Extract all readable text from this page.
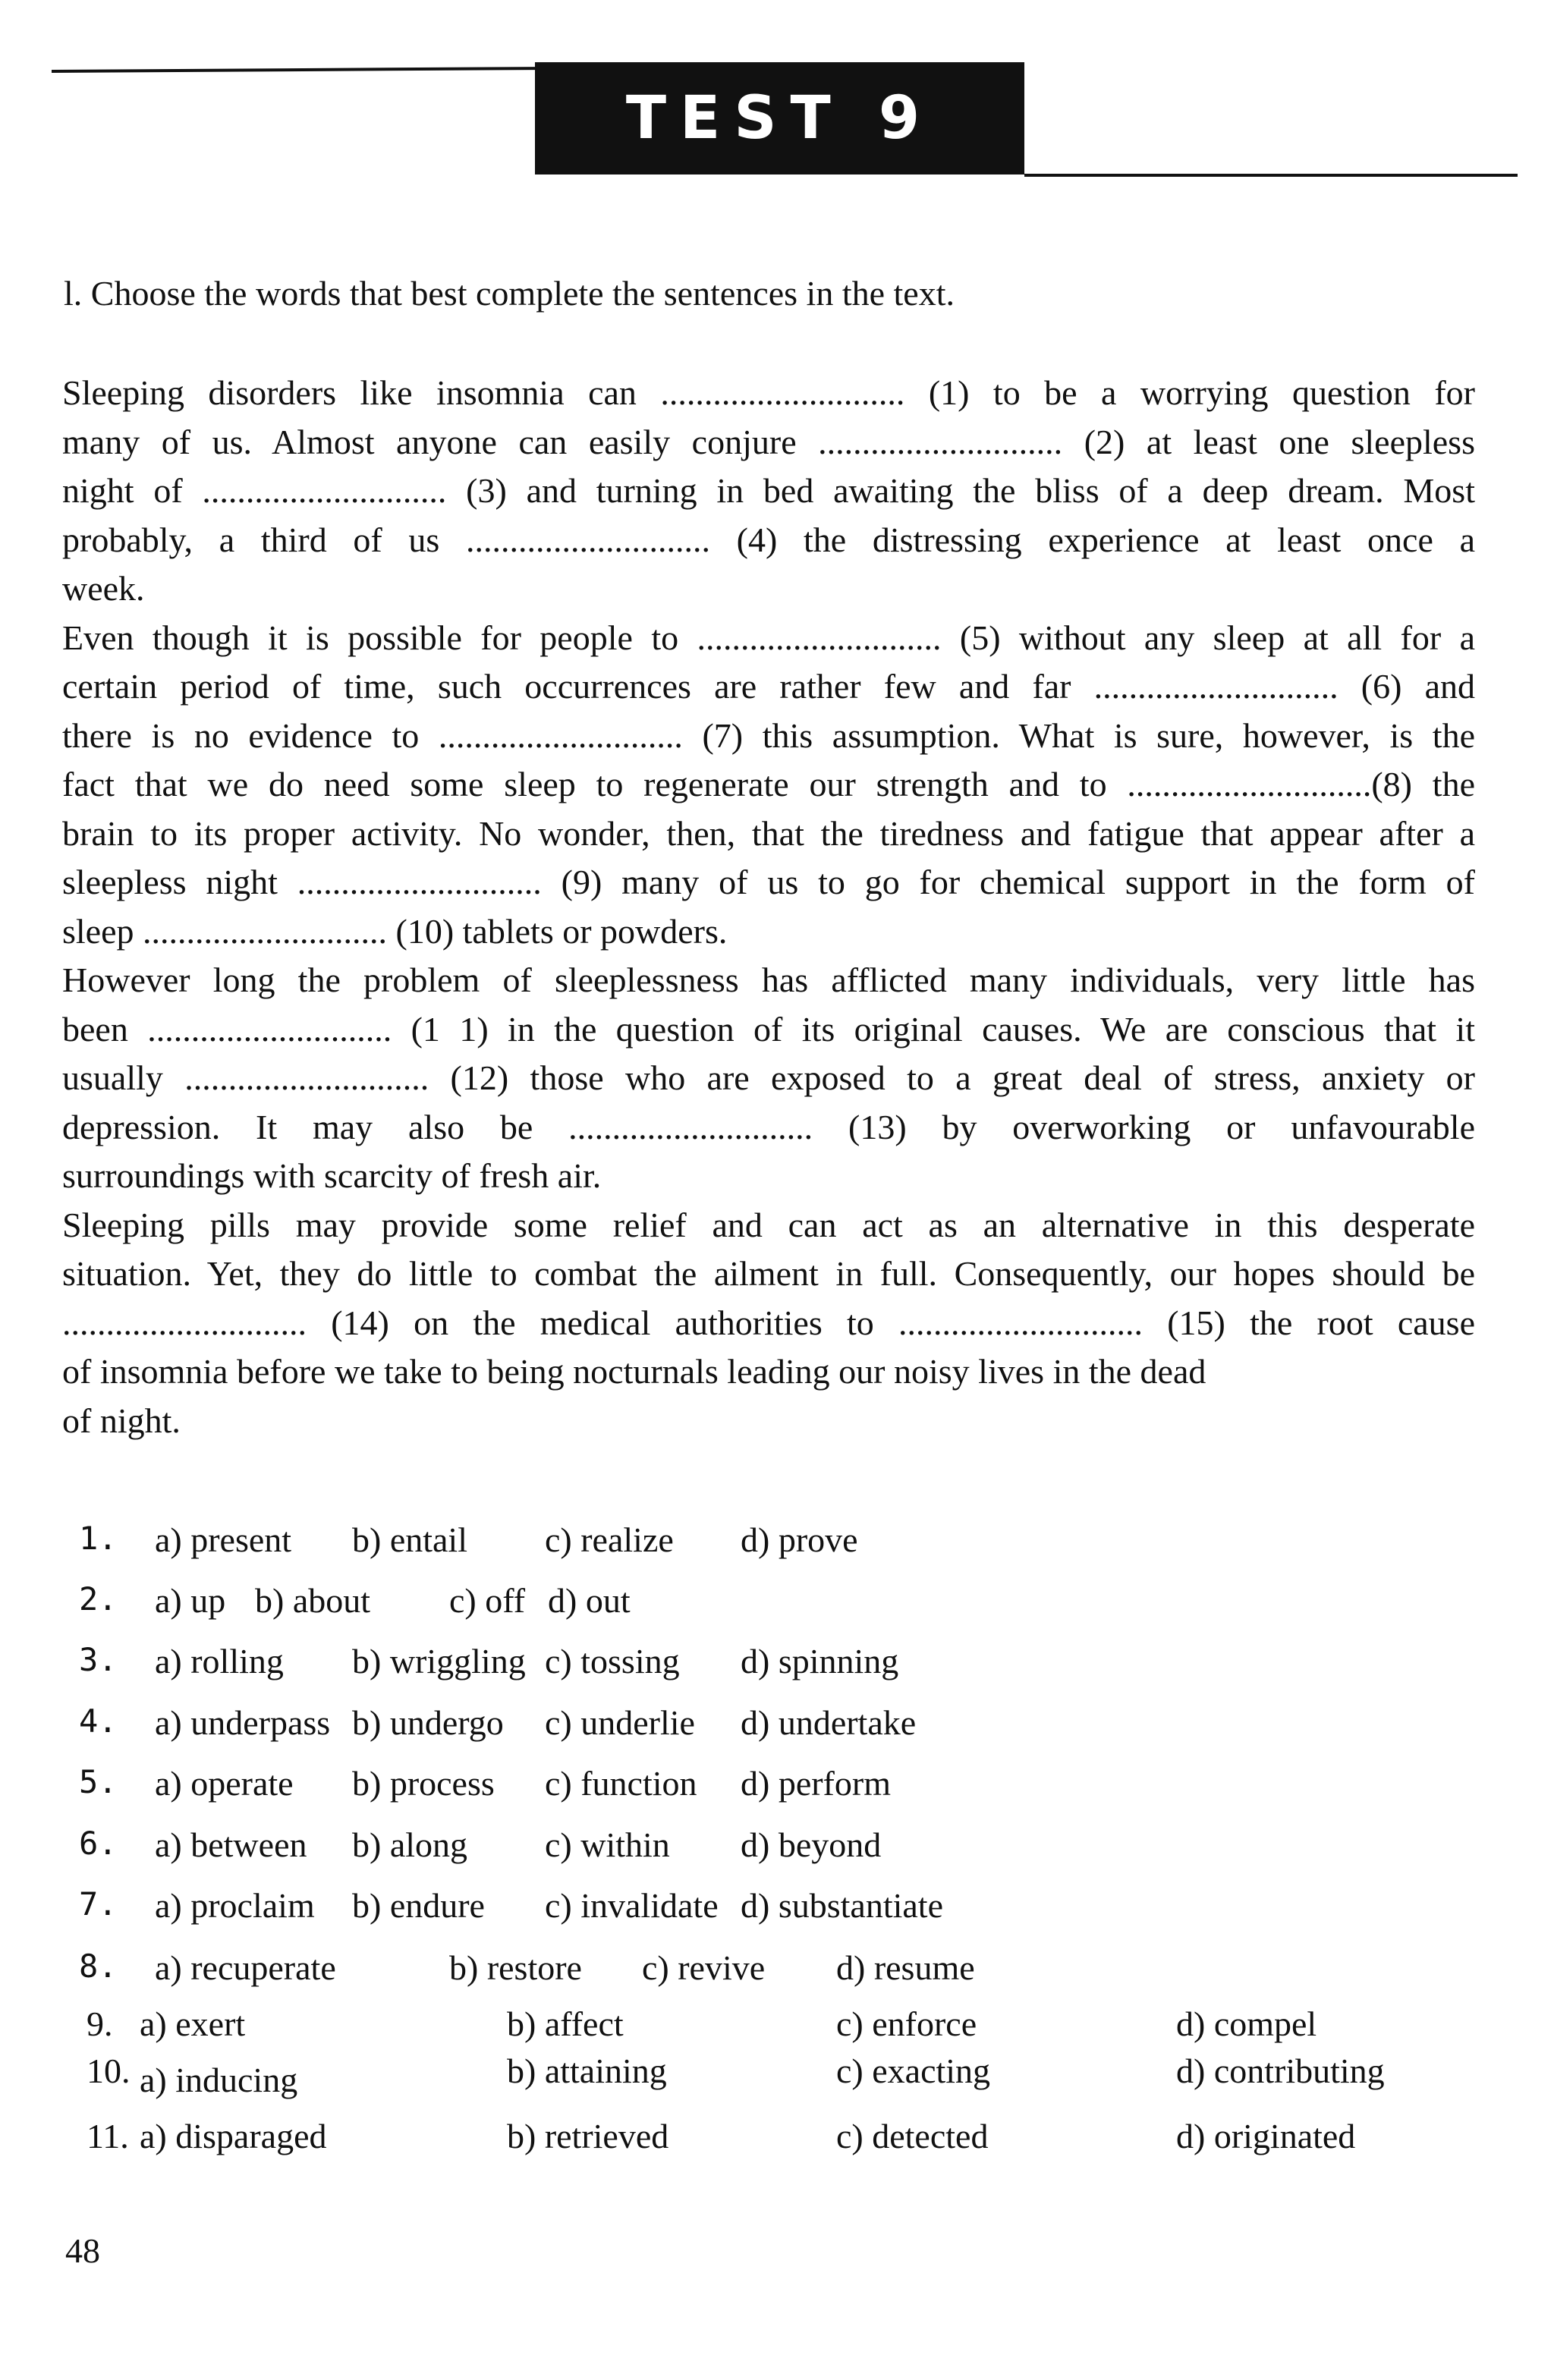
TEST 9
l. Choose the words that best complete the sentences in the text.

Sleeping disorders like insomnia can ............................ (1) to be a worrying question for

many of us. Almost anyone can easily conjure ............................ (2) at least one sleepless

night of ............................ (3) and turning in bed awaiting the bliss of a deep dream. Most

probably, a third of us ............................ (4) the distressing experience at least once a

week.

Even though it is possible for people to ............................ (5) without any sleep at all for a

certain period of time, such occurrences are rather few and far ............................ (6) and

there is no evidence to ............................ (7) this assumption. What is sure, however, is the

fact that we do need some sleep to regenerate our strength and to ............................(8) the

brain to its proper activity. No wonder, then, that the tiredness and fatigue that appear after a

sleepless night ............................ (9) many of us to go for chemical support in the form of

sleep ............................ (10) tablets or powders.

However long the problem of sleeplessness has afflicted many individuals, very little has

been ............................ (1 1) in the question of its original causes. We are conscious that it

usually ............................ (12) those who are exposed to a great deal of stress, anxiety or

depression. It may also be ............................ (13) by overworking or unfavourable

surroundings with scarcity of fresh air.

Sleeping pills may provide some relief and can act as an alternative in this desperate

situation. Yet, they do little to combat the ailment in full. Consequently, our hopes should be

............................ (14) on the medical authorities to ............................ (15) the root cause

of insomnia before we take to being nocturnals leading our noisy lives in the dead

of night.

1. a) present b) entail c) realize d) prove
2. a) up b) about c) off d) out
3. a) rolling b) wriggling c) tossing d) spinning
4. a) underpass b) undergo c) underlie d) undertake
5. a) operate b) process c) function d) perform
6. a) between b) along c) within d) beyond
7. a) proclaim b) endure c) invalidate d) substantiate
8. a) recuperate	b) restore c) revive d) resume
9. a) exert	b) affect	c) enforce	d) compel
10. a) inducing	b) attaining	c) exacting	d) contributing
11. a) disparaged	b) retrieved	c) detected	d) originated
48
